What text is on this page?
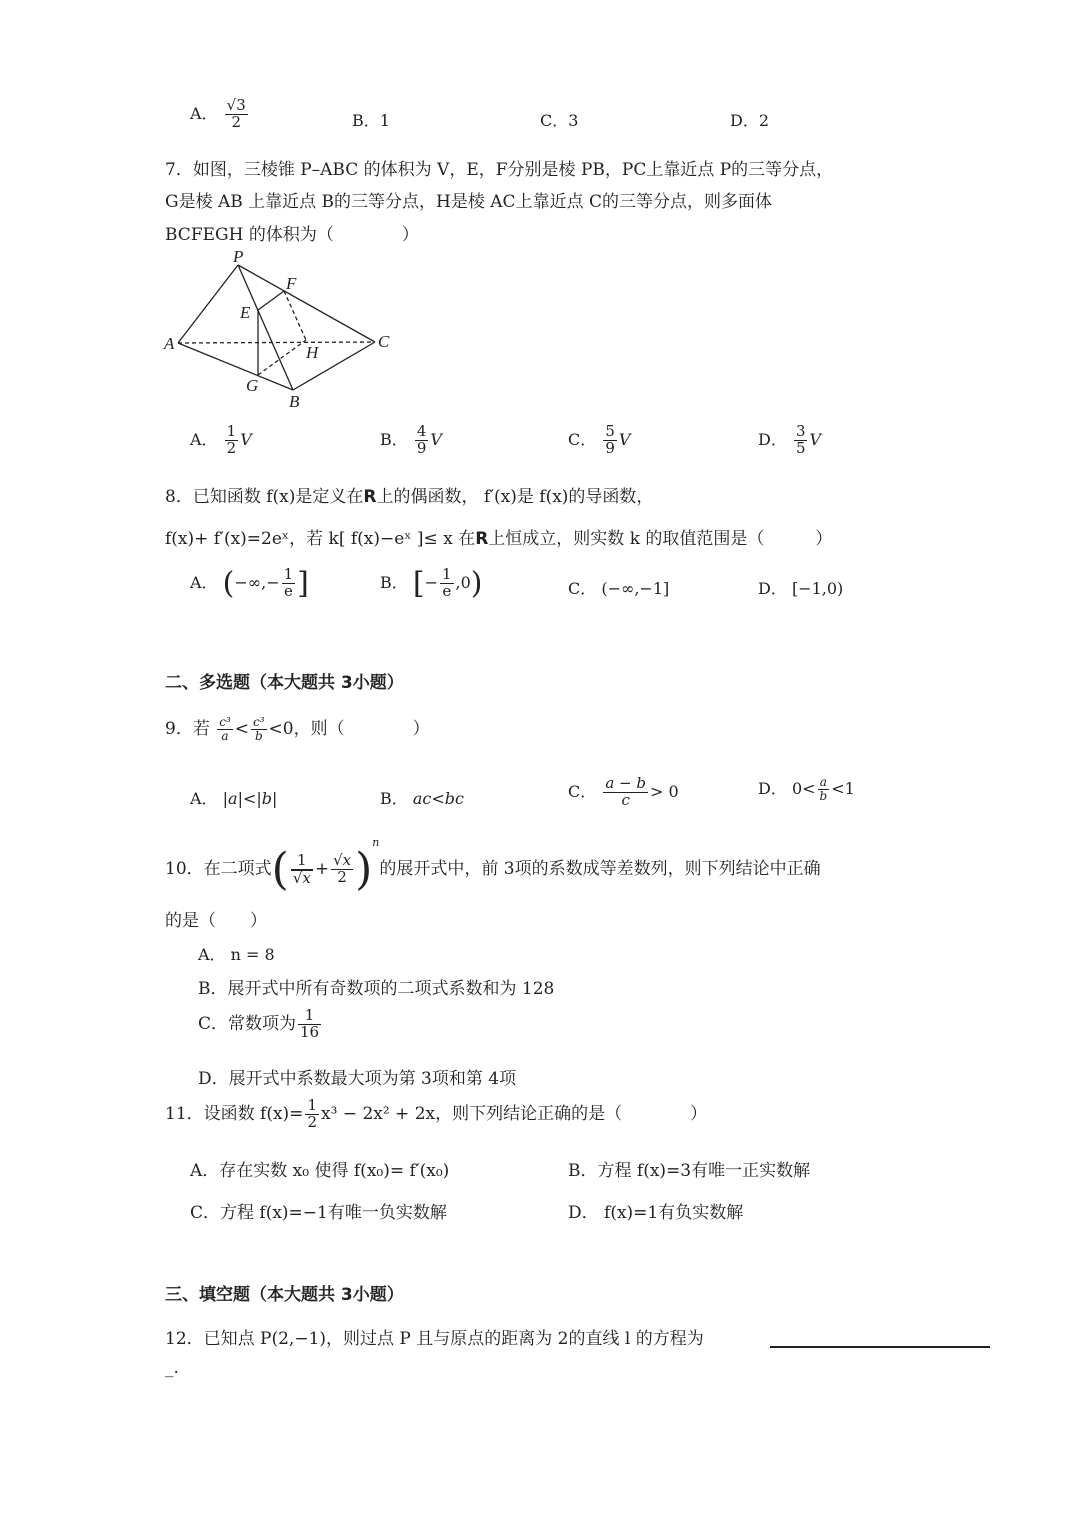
A． $\frac{√3}{2}$	B．1	C．3	D．2
7．如图，三棱锥 P–ABC 的体积为 V，E，F分别是棱 PB，PC上靠近点 P的三等分点，
G是棱 AB 上靠近点 B的三等分点，H是棱 AC上靠近点 C的三等分点，则多面体
BCFEGH 的体积为（　　　　）
P
F
E
A	H
C
G
B
A． $\frac{1}{2}$ V	B． $\frac{4}{9}$ V	C． $\frac{5}{9}$ V	D． $\frac{3}{5}$ V
8．已知函数 f(x)是定义在R上的偶函数， f′(x)是 f(x)的导函数，
f(x)+ f′(x)=2eˣ，若 k[ f(x)−eˣ ]≤ x 在R上恒成立，则实数 k 的取值范围是（　　　）
A． (−∞,− $\frac{1}{e}$ ]	B． [− $\frac{1}{e} ,0$)	C． (−∞,−1]	D． [−1,0)
二、多选题（本大题共 3小题）
9．若 $\frac{\text{c³}}{a} < \frac{\text{c³}}{b} <0$，则（　　　　）
A． |a|<|b|	B． ac<bc	C． $\frac{a - b}{c} > 0$	D． $0< \frac{a}{b} <1$
10．在二项式( $\frac{1}{√x} + \frac{√x}{2} )^n$的展开式中，前 3项的系数成等差数列，则下列结论中正确
的是（　　）
A． n = 8
B．展开式中所有奇数项的二项式系数和为 128
C．常数项为 $\frac{1}{16}$
D．展开式中系数最大项为第 3项和第 4项
11．设函数 $f(x)= \frac{1}{2} x^3 - 2x^2 + 2x$，则下列结论正确的是（　　　　）
A．存在实数 x₀ 使得 f(x₀)= f′(x₀)	B．方程 f(x)=3有唯一正实数解
C．方程 f(x)=−1有唯一负实数解	D． f(x)=1有负实数解
三、填空题（本大题共 3小题）
12．已知点 P(2,−1)，则过点 P 且与原点的距离为 2的直线 l 的方程为
_.
